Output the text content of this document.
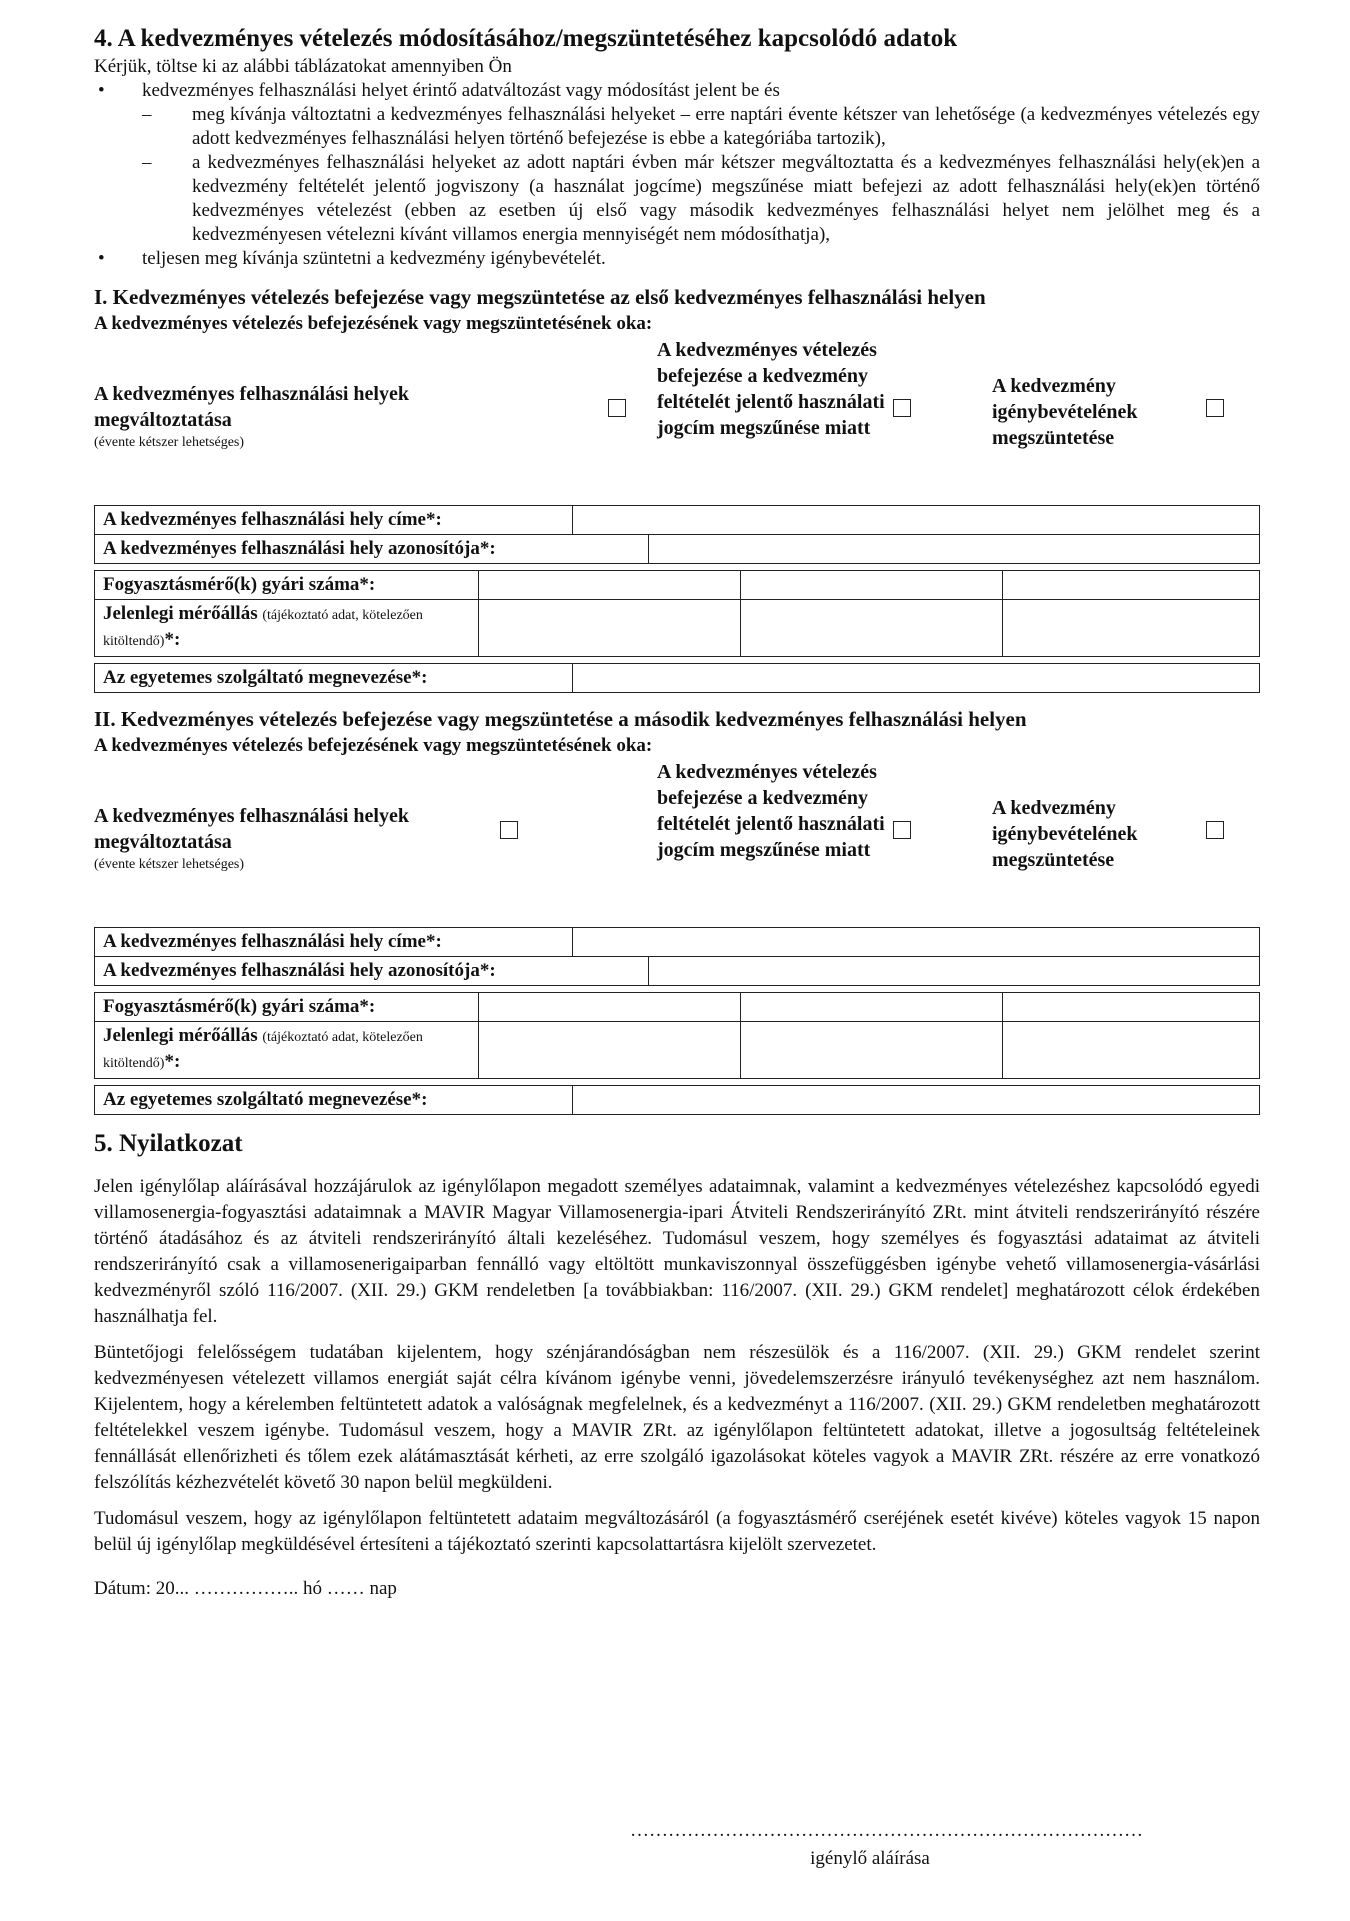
4. A kedvezményes vételezés módosításához/megszüntetéséhez kapcsolódó adatok

Kérjük, töltse ki az alábbi táblázatokat amennyiben Ön

• kedvezményes felhasználási helyet érintő adatváltozást vagy módosítást jelent be és
– meg kívánja változtatni a kedvezményes felhasználási helyeket – erre naptári évente kétszer van lehetősége (a kedvezményes vételezés egy adott kedvezményes felhasználási helyen történő befejezése is ebbe a kategóriába tartozik),
– a kedvezményes felhasználási helyeket az adott naptári évben már kétszer megváltoztatta és a kedvezményes felhasználási hely(ek)en a kedvezmény feltételét jelentő jogviszony (a használat jogcíme) megszűnése miatt befejezi az adott felhasználási hely(ek)en történő kedvezményes vételezést (ebben az esetben új első vagy második kedvezményes felhasználási helyet nem jelölhet meg és a kedvezményesen vételezni kívánt villamos energia mennyiségét nem módosíthatja),
• teljesen meg kívánja szüntetni a kedvezmény igénybevételét.
I. Kedvezményes vételezés befejezése vagy megszüntetése az első kedvezményes felhasználási helyen

A kedvezményes vételezés befejezésének vagy megszüntetésének oka:

A kedvezményes felhasználási helyek megváltoztatása
(évente kétszer lehetséges)
A kedvezményes vételezés befejezése a kedvezmény feltételét jelentő használati jogcím megszűnése miatt
A kedvezmény igénybevételének megszüntetése
A kedvezményes felhasználási hely címe*:		
A kedvezményes felhasználási hely azonosítója*:		
Fogyasztásmérő(k) gyári száma*:			
Jelenlegi mérőállás (tájékoztató adat, kötelezően kitöltendő)*:			
Az egyetemes szolgáltató megnevezése*:	
II. Kedvezményes vételezés befejezése vagy megszüntetése a második kedvezményes felhasználási helyen

A kedvezményes vételezés befejezésének vagy megszüntetésének oka:

A kedvezményes felhasználási helyek megváltoztatása
(évente kétszer lehetséges)
A kedvezményes vételezés befejezése a kedvezmény feltételét jelentő használati jogcím megszűnése miatt
A kedvezmény igénybevételének megszüntetése
A kedvezményes felhasználási hely címe*:		
A kedvezményes felhasználási hely azonosítója*:		
Fogyasztásmérő(k) gyári száma*:			
Jelenlegi mérőállás (tájékoztató adat, kötelezően kitöltendő)*:			
Az egyetemes szolgáltató megnevezése*:	
5. Nyilatkozat

Jelen igénylőlap aláírásával hozzájárulok az igénylőlapon megadott személyes adataimnak, valamint a kedvezményes vételezéshez kapcsolódó egyedi villamosenergia-fogyasztási adataimnak a MAVIR Magyar Villamosenergia-ipari Átviteli Rendszerirányító ZRt. mint átviteli rendszerirányító részére történő átadásához és az átviteli rendszerirányító általi kezeléséhez. Tudomásul veszem, hogy személyes és fogyasztási adataimat az átviteli rendszerirányító csak a villamosenerigaiparban fennálló vagy eltöltött munkaviszonnyal összefüggésben igénybe vehető villamosenergia-vásárlási kedvezményről szóló 116/2007. (XII. 29.) GKM rendeletben [a továbbiakban: 116/2007. (XII. 29.) GKM rendelet] meghatározott célok érdekében használhatja fel.

Büntetőjogi felelősségem tudatában kijelentem, hogy szénjárandóságban nem részesülök és a 116/2007. (XII. 29.) GKM rendelet szerint kedvezményesen vételezett villamos energiát saját célra kívánom igénybe venni, jövedelemszerzésre irányuló tevékenységhez azt nem használom. Kijelentem, hogy a kérelemben feltüntetett adatok a valóságnak megfelelnek, és a kedvezményt a 116/2007. (XII. 29.) GKM rendeletben meghatározott feltételekkel veszem igénybe. Tudomásul veszem, hogy a MAVIR ZRt. az igénylőlapon feltüntetett adatokat, illetve a jogosultság feltételeinek fennállását ellenőrizheti és tőlem ezek alátámasztását kérheti, az erre szolgáló igazolásokat köteles vagyok a MAVIR ZRt. részére az erre vonatkozó felszólítás kézhezvételét követő 30 napon belül megküldeni.

Tudomásul veszem, hogy az igénylőlapon feltüntetett adataim megváltozásáról (a fogyasztásmérő cseréjének esetét kivéve) köteles vagyok 15 napon belül új igénylőlap megküldésével értesíteni a tájékoztató szerinti kapcsolattartásra kijelölt szervezetet.

Dátum: 20... …………….. hó …… nap

………………………………………………………………………
igénylő aláírása
